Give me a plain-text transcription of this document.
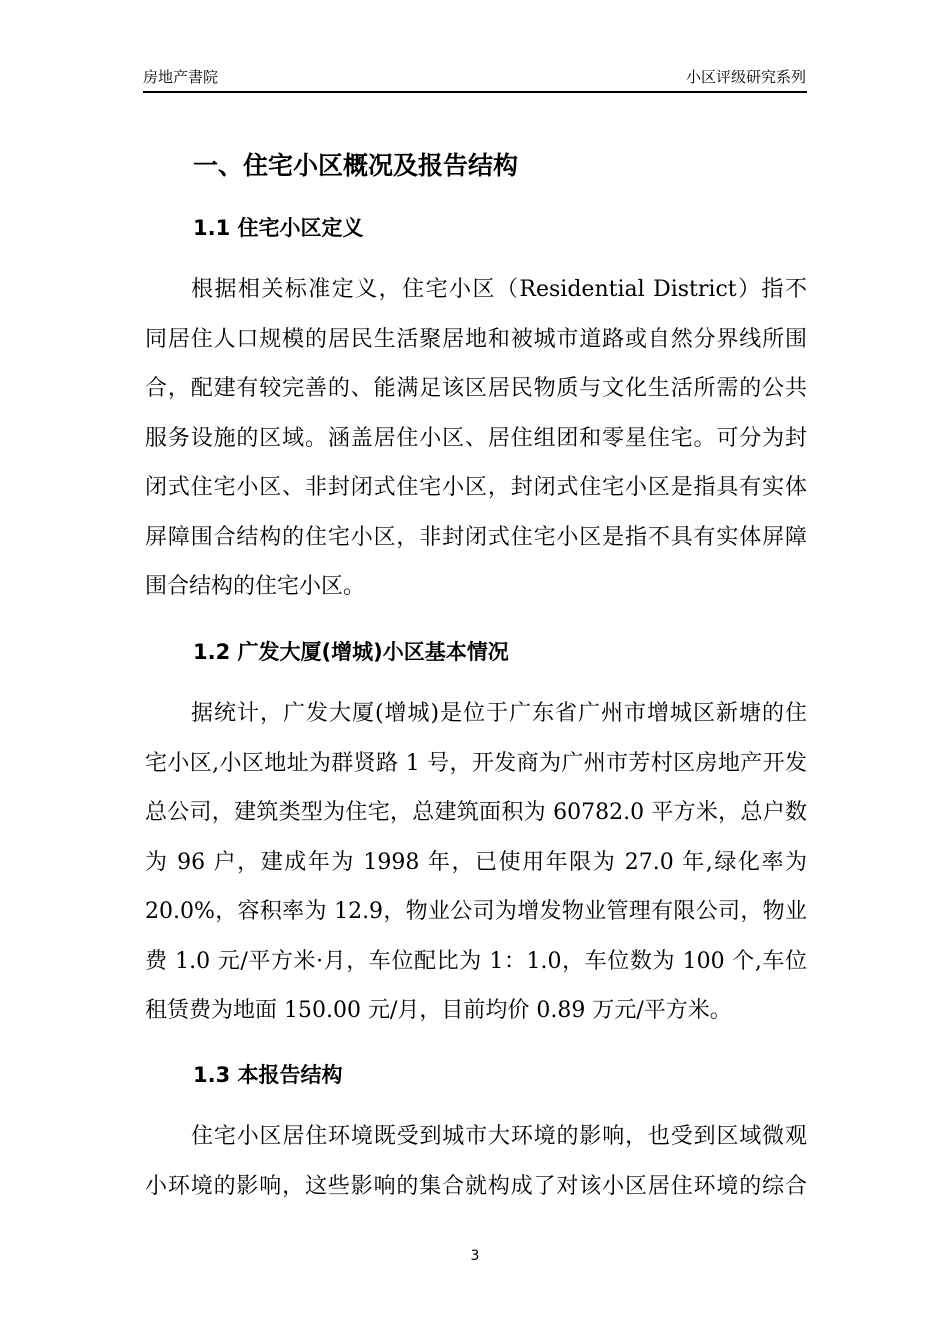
房地产書院	小区评级研究系列
一、住宅小区概况及报告结构
1.1 住宅小区定义
根据相关标准定义，住宅小区（Residential District）指不
同居住人口规模的居民生活聚居地和被城市道路或自然分界线所围
合，配建有较完善的、能满足该区居民物质与文化生活所需的公共
服务设施的区域。涵盖居住小区、居住组团和零星住宅。可分为封
闭式住宅小区、非封闭式住宅小区，封闭式住宅小区是指具有实体
屏障围合结构的住宅小区，非封闭式住宅小区是指不具有实体屏障
围合结构的住宅小区。
1.2 广发大厦(增城)小区基本情况
据统计，广发大厦(增城)是位于广东省广州市增城区新塘的住
宅小区,小区地址为群贤路 1 号，开发商为广州市芳村区房地产开发
总公司，建筑类型为住宅，总建筑面积为 60782.0 平方米，总户数
为 96 户，建成年为 1998 年，已使用年限为 27.0 年,绿化率为
20.0%，容积率为 12.9，物业公司为增发物业管理有限公司，物业
费 1.0 元/平方米·月，车位配比为 1：1.0，车位数为 100 个,车位
租赁费为地面 150.00 元/月，目前均价 0.89 万元/平方米。
1.3 本报告结构
住宅小区居住环境既受到城市大环境的影响，也受到区域微观
小环境的影响，这些影响的集合就构成了对该小区居住环境的综合
3
